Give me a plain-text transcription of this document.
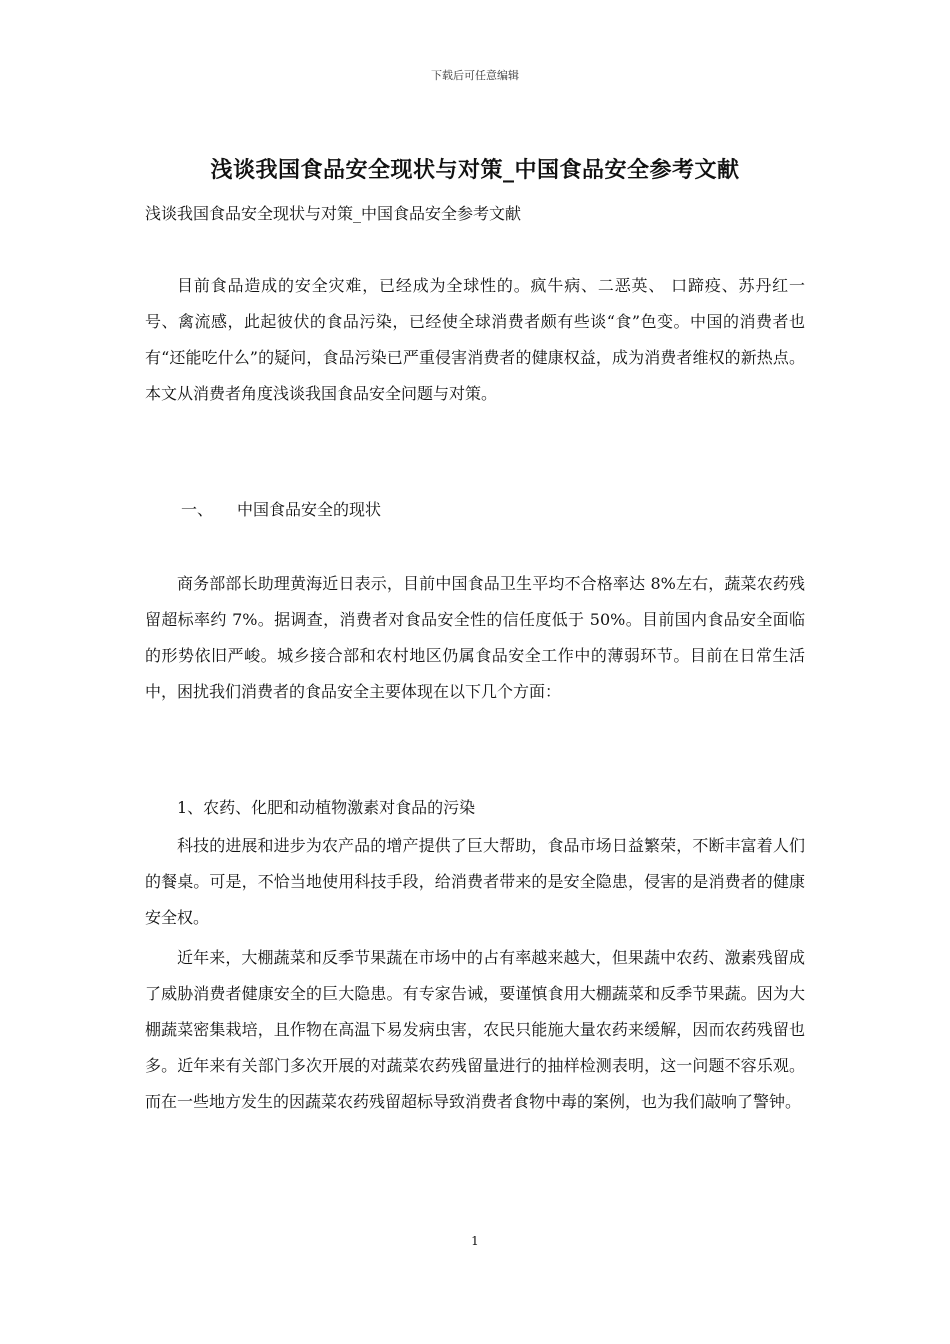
下载后可任意编辑
浅谈我国食品安全现状与对策_中国食品安全参考文献
浅谈我国食品安全现状与对策_中国食品安全参考文献
目前食品造成的安全灾难，已经成为全球性的。疯牛病、二恶英、 口蹄疫、苏丹红一号、禽流感，此起彼伏的食品污染，已经使全球消费者颇有些谈“食”色变。中国的消费者也有“还能吃什么”的疑问，食品污染已严重侵害消费者的健康权益，成为消费者维权的新热点。本文从消费者角度浅谈我国食品安全问题与对策。
一、 中国食品安全的现状
商务部部长助理黄海近日表示，目前中国食品卫生平均不合格率达 8%左右，蔬菜农药残留超标率约 7%。据调查，消费者对食品安全性的信任度低于 50%。目前国内食品安全面临的形势依旧严峻。城乡接合部和农村地区仍属食品安全工作中的薄弱环节。目前在日常生活中，困扰我们消费者的食品安全主要体现在以下几个方面：
1、农药、化肥和动植物激素对食品的污染
科技的进展和进步为农产品的增产提供了巨大帮助，食品市场日益繁荣，不断丰富着人们的餐桌。可是，不恰当地使用科技手段，给消费者带来的是安全隐患，侵害的是消费者的健康安全权。
近年来，大棚蔬菜和反季节果蔬在市场中的占有率越来越大，但果蔬中农药、激素残留成了威胁消费者健康安全的巨大隐患。有专家告诫，要谨慎食用大棚蔬菜和反季节果蔬。因为大棚蔬菜密集栽培，且作物在高温下易发病虫害，农民只能施大量农药来缓解，因而农药残留也多。近年来有关部门多次开展的对蔬菜农药残留量进行的抽样检测表明，这一问题不容乐观。而在一些地方发生的因蔬菜农药残留超标导致消费者食物中毒的案例，也为我们敲响了警钟。
1
